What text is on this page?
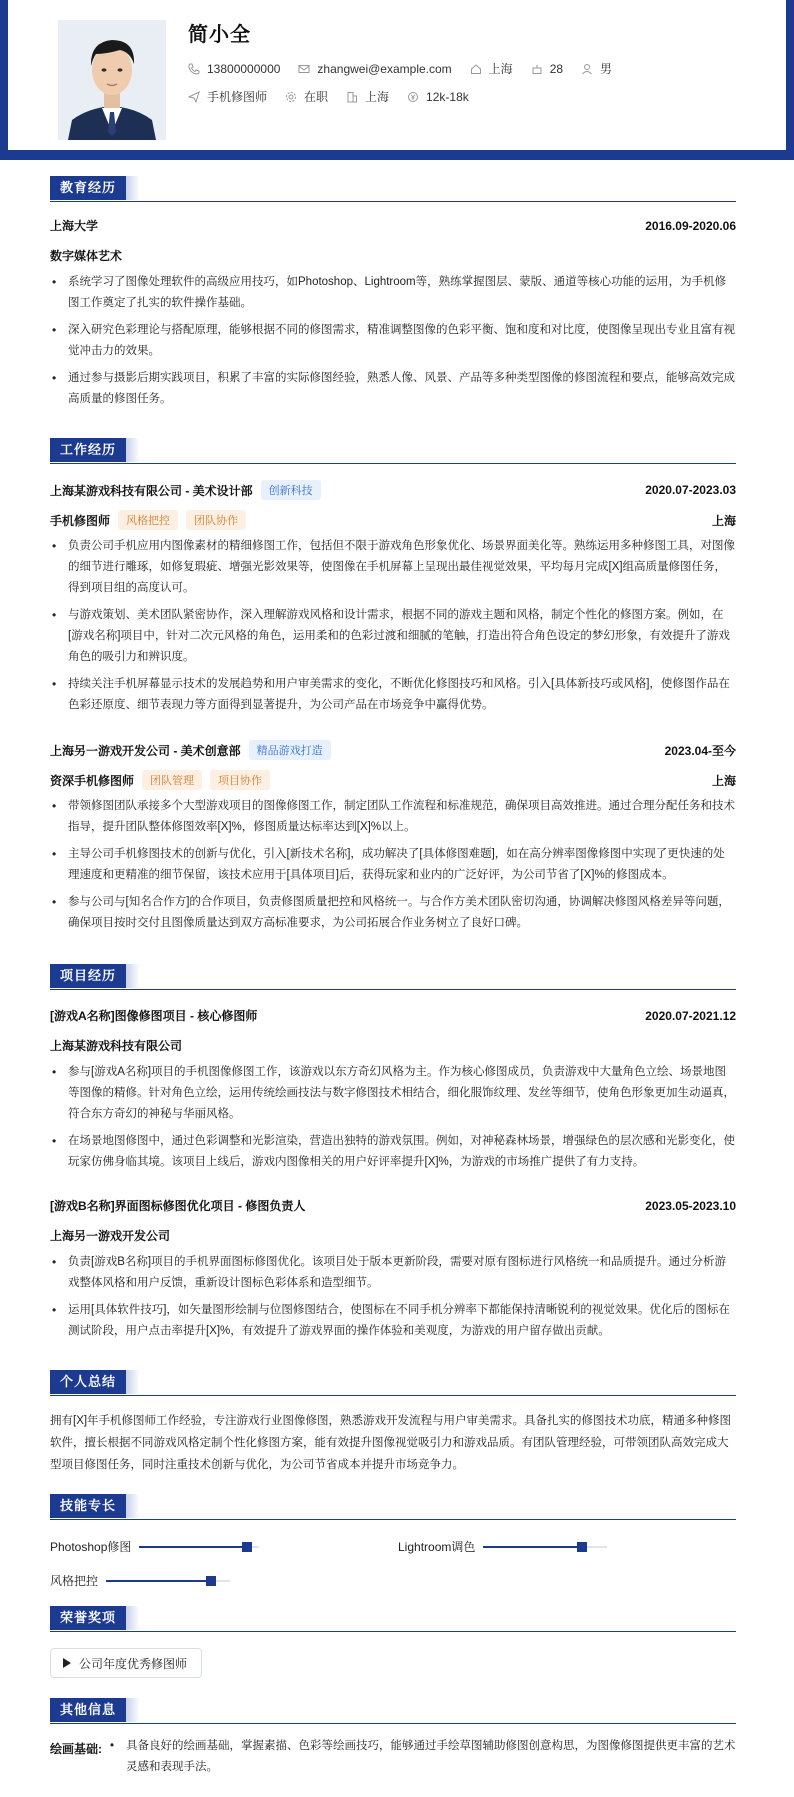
简小全
13800000000	zhangwei@example.com	上海	28	男
手机修图师	在职	上海	12k-18k
教育经历
上海大学	2016.09-2020.06
数字媒体艺术
• 系统学习了图像处理软件的高级应用技巧，如Photoshop、Lightroom等，熟练掌握图层、蒙版、通道等核心功能的运用，为手机修图工作奠定了扎实的软件操作基础。
• 深入研究色彩理论与搭配原理，能够根据不同的修图需求，精准调整图像的色彩平衡、饱和度和对比度，使图像呈现出专业且富有视觉冲击力的效果。
• 通过参与摄影后期实践项目，积累了丰富的实际修图经验，熟悉人像、风景、产品等多种类型图像的修图流程和要点，能够高效完成高质量的修图任务。
工作经历
上海某游戏科技有限公司 - 美术设计部	创新科技	2020.07-2023.03
手机修图师	风格把控	团队协作	上海
• 负责公司手机应用内图像素材的精细修图工作，包括但不限于游戏角色形象优化、场景界面美化等。熟练运用多种修图工具，对图像的细节进行雕琢，如修复瑕疵、增强光影效果等，使图像在手机屏幕上呈现出最佳视觉效果，平均每月完成[X]组高质量修图任务，得到项目组的高度认可。
• 与游戏策划、美术团队紧密协作，深入理解游戏风格和设计需求，根据不同的游戏主题和风格，制定个性化的修图方案。例如，在[游戏名称]项目中，针对二次元风格的角色，运用柔和的色彩过渡和细腻的笔触，打造出符合角色设定的梦幻形象，有效提升了游戏角色的吸引力和辨识度。
• 持续关注手机屏幕显示技术的发展趋势和用户审美需求的变化，不断优化修图技巧和风格。引入[具体新技巧或风格]，使修图作品在色彩还原度、细节表现力等方面得到显著提升，为公司产品在市场竞争中赢得优势。
上海另一游戏开发公司 - 美术创意部	精品游戏打造	2023.04-至今
资深手机修图师	团队管理	项目协作	上海
• 带领修图团队承接多个大型游戏项目的图像修图工作，制定团队工作流程和标准规范，确保项目高效推进。通过合理分配任务和技术指导，提升团队整体修图效率[X]%，修图质量达标率达到[X]%以上。
• 主导公司手机修图技术的创新与优化，引入[新技术名称]，成功解决了[具体修图难题]，如在高分辨率图像修图中实现了更快速的处理速度和更精准的细节保留，该技术应用于[具体项目]后，获得玩家和业内的广泛好评，为公司节省了[X]%的修图成本。
• 参与公司与[知名合作方]的合作项目，负责修图质量把控和风格统一。与合作方美术团队密切沟通，协调解决修图风格差异等问题，确保项目按时交付且图像质量达到双方高标准要求，为公司拓展合作业务树立了良好口碑。
项目经历
[游戏A名称]图像修图项目 - 核心修图师	2020.07-2021.12
上海某游戏科技有限公司
• 参与[游戏A名称]项目的手机图像修图工作，该游戏以东方奇幻风格为主。作为核心修图成员，负责游戏中大量角色立绘、场景地图等图像的精修。针对角色立绘，运用传统绘画技法与数字修图技术相结合，细化服饰纹理、发丝等细节，使角色形象更加生动逼真，符合东方奇幻的神秘与华丽风格。
• 在场景地图修图中，通过色彩调整和光影渲染，营造出独特的游戏氛围。例如，对神秘森林场景，增强绿色的层次感和光影变化，使玩家仿佛身临其境。该项目上线后，游戏内图像相关的用户好评率提升[X]%，为游戏的市场推广提供了有力支持。
[游戏B名称]界面图标修图优化项目 - 修图负责人	2023.05-2023.10
上海另一游戏开发公司
• 负责[游戏B名称]项目的手机界面图标修图优化。该项目处于版本更新阶段，需要对原有图标进行风格统一和品质提升。通过分析游戏整体风格和用户反馈，重新设计图标色彩体系和造型细节。
• 运用[具体软件技巧]，如矢量图形绘制与位图修图结合，使图标在不同手机分辨率下都能保持清晰锐利的视觉效果。优化后的图标在测试阶段，用户点击率提升[X]%，有效提升了游戏界面的操作体验和美观度，为游戏的用户留存做出贡献。
个人总结
拥有[X]年手机修图师工作经验，专注游戏行业图像修图，熟悉游戏开发流程与用户审美需求。具备扎实的修图技术功底，精通多种修图软件，擅长根据不同游戏风格定制个性化修图方案，能有效提升图像视觉吸引力和游戏品质。有团队管理经验，可带领团队高效完成大型项目修图任务，同时注重技术创新与优化，为公司节省成本并提升市场竞争力。
技能专长
Photoshop修图	Lightroom调色
风格把控
荣誉奖项
公司年度优秀修图师
其他信息
绘画基础:
•	具备良好的绘画基础，掌握素描、色彩等绘画技巧，能够通过手绘草图辅助修图创意构思，为图像修图提供更丰富的艺术灵感和表现手法。
